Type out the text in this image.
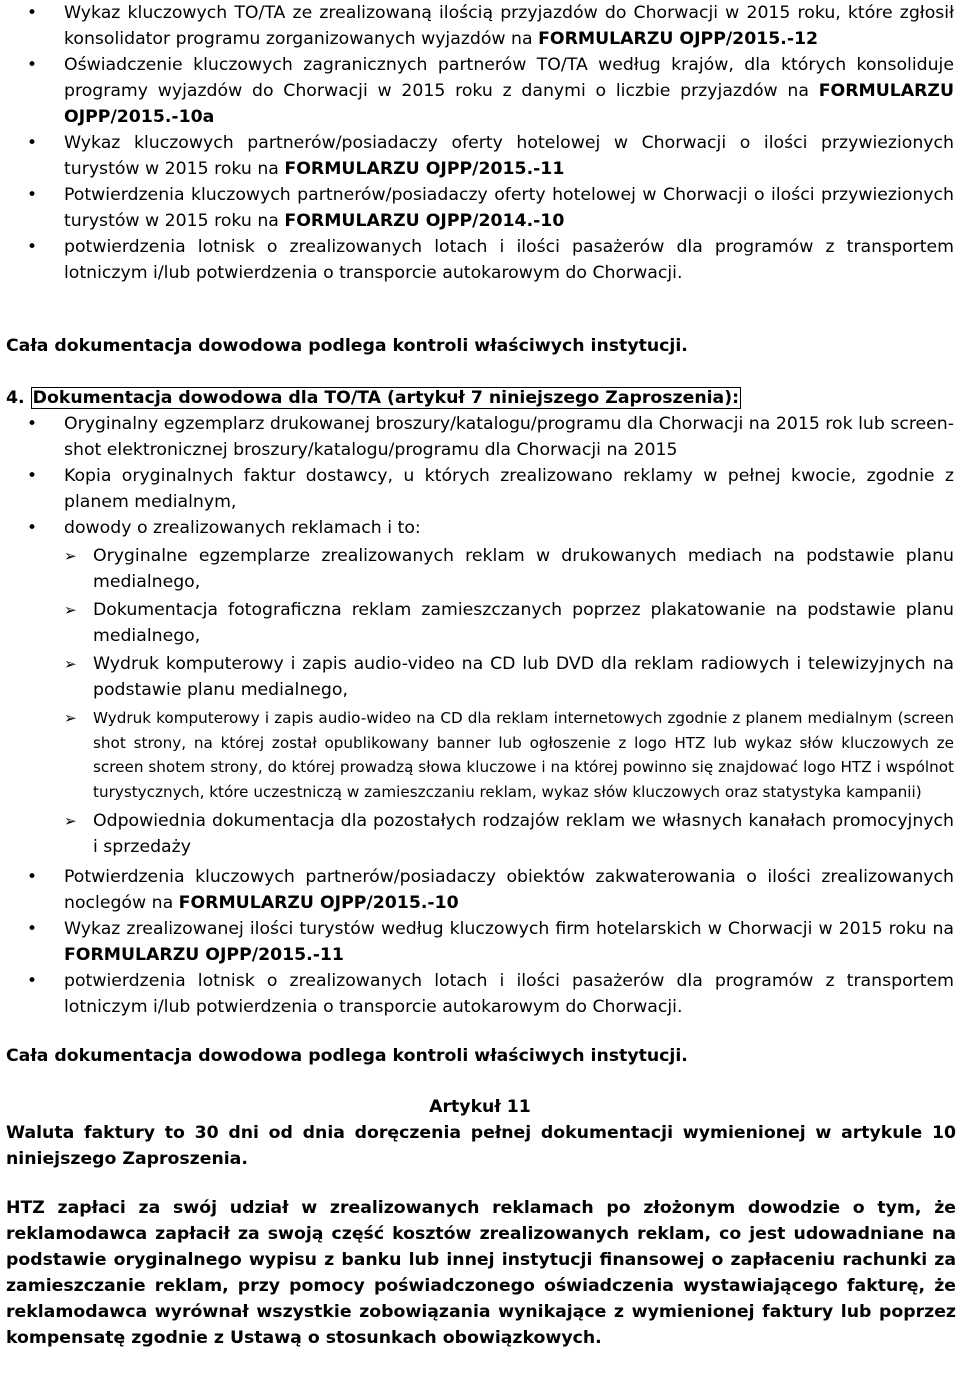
• Wykaz kluczowych TO/TA ze zrealizowaną ilością przyjazdów do Chorwacji w 2015 roku, które zgłosił konsolidator programu zorganizowanych wyjazdów na FORMULARZU OJPP/2015.-12

• Oświadczenie kluczowych zagranicznych partnerów TO/TA według krajów, dla których konsoliduje programy wyjazdów do Chorwacji w 2015 roku z danymi o liczbie przyjazdów na FORMULARZU OJPP/2015.-10a

• Wykaz kluczowych partnerów/posiadaczy oferty hotelowej w Chorwacji o ilości przywiezionych turystów w 2015 roku na FORMULARZU OJPP/2015.-11

• Potwierdzenia kluczowych partnerów/posiadaczy oferty hotelowej w Chorwacji o ilości przywiezionych turystów w 2015 roku na FORMULARZU OJPP/2014.-10

• potwierdzenia lotnisk o zrealizowanych lotach i ilości pasażerów dla programów z transportem lotniczym i/lub potwierdzenia o transporcie autokarowym do Chorwacji.

Cała dokumentacja dowodowa podlega kontroli właściwych instytucji.

4. Dokumentacja dowodowa dla TO/TA (artykuł 7 niniejszego Zaproszenia):

• Oryginalny egzemplarz drukowanej broszury/katalogu/programu dla Chorwacji na 2015 rok lub screen-shot elektronicznej broszury/katalogu/programu dla Chorwacji na 2015

• Kopia oryginalnych faktur dostawcy, u których zrealizowano reklamy w pełnej kwocie, zgodnie z planem medialnym,

• dowody o zrealizowanych reklamach i to:

➢ Oryginalne egzemplarze zrealizowanych reklam w drukowanych mediach na podstawie planu medialnego,

➢ Dokumentacja fotograficzna reklam zamieszczanych poprzez plakatowanie na podstawie planu medialnego,

➢ Wydruk komputerowy i zapis audio-video na CD lub DVD dla reklam radiowych i telewizyjnych na podstawie planu medialnego,

➢ Wydruk komputerowy i zapis audio-wideo na CD dla reklam internetowych zgodnie z planem medialnym (screen shot strony, na której został opublikowany banner lub ogłoszenie z logo HTZ lub wykaz słów kluczowych ze screen shotem strony, do której prowadzą słowa kluczowe i na której powinno się znajdować logo HTZ i wspólnot turystycznych, które uczestniczą w zamieszczaniu reklam, wykaz słów kluczowych oraz statystyka kampanii)

➢ Odpowiednia dokumentacja dla pozostałych rodzajów reklam we własnych kanałach promocyjnych i sprzedaży

• Potwierdzenia kluczowych partnerów/posiadaczy obiektów zakwaterowania o ilości zrealizowanych noclegów na FORMULARZU OJPP/2015.-10

• Wykaz zrealizowanej ilości turystów według kluczowych firm hotelarskich w Chorwacji w 2015 roku na FORMULARZU OJPP/2015.-11

• potwierdzenia lotnisk o zrealizowanych lotach i ilości pasażerów dla programów z transportem lotniczym i/lub potwierdzenia o transporcie autokarowym do Chorwacji.

Cała dokumentacja dowodowa podlega kontroli właściwych instytucji.

Artykuł 11

Waluta faktury to 30 dni od dnia doręczenia pełnej dokumentacji wymienionej w artykule 10 niniejszego Zaproszenia.

HTZ zapłaci za swój udział w zrealizowanych reklamach po złożonym dowodzie o tym, że reklamodawca zapłacił za swoją część kosztów zrealizowanych reklam, co jest udowadniane na podstawie oryginalnego wypisu z banku lub innej instytucji finansowej o zapłaceniu rachunki za zamieszczanie reklam, przy pomocy poświadczonego oświadczenia wystawiającego fakturę, że reklamodawca wyrównał wszystkie zobowiązania wynikające z wymienionej faktury lub poprzez kompensatę zgodnie z Ustawą o stosunkach obowiązkowych.
